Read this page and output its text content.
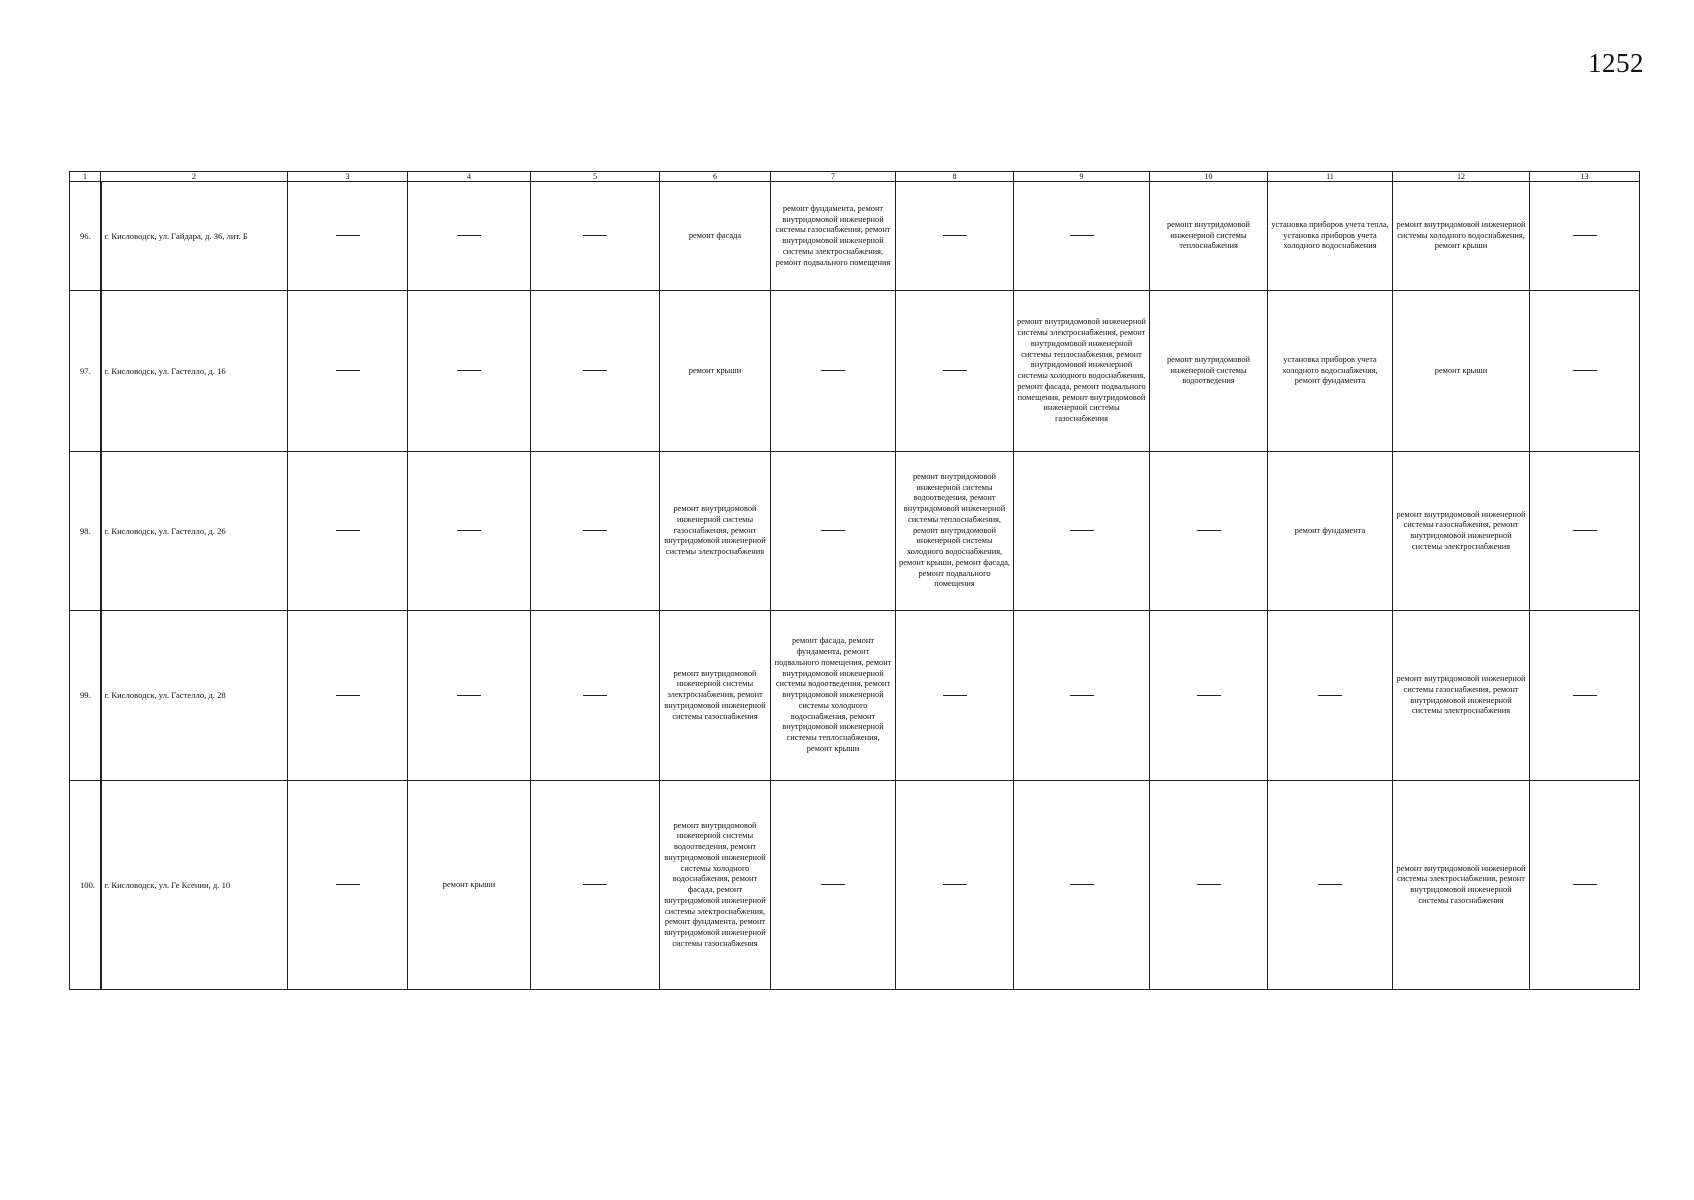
1252
1	2	3	4	5	6	7	8	9	10	11	12	13
96.	г. Кисловодск, ул. Гайдара, д. 36, лит. Б				ремонт фасада	ремонт фундамента, ремонт внутридомовой инженерной системы газоснабжения, ремонт внутридомовой инженерной системы электроснабжения, ремонт подвального помещения			ремонт внутридомовой инженерной системы теплоснабжения	установка приборов учета тепла, установка приборов учета холодного водоснабжения	ремонт внутридомовой инженерной системы холодного водоснабжения, ремонт крыши	
97.	г. Кисловодск, ул. Гастелло, д. 16				ремонт крыши			ремонт внутридомовой инженерной системы электроснабжения, ремонт внутридомовой инженерной системы теплоснабжения, ремонт внутридомовой инженерной системы холодного водоснабжения, ремонт фасада, ремонт подвального помещения, ремонт внутридомовой инженерной системы газоснабжения	ремонт внутридомовой инженерной системы водоотведения	установка приборов учета холодного водоснабжения, ремонт фундамента	ремонт крыши	
98.	г. Кисловодск, ул. Гастелло, д. 26				ремонт внутридомовой инженерной системы газоснабжения, ремонт внутридомовой инженерной системы электроснабжения		ремонт внутридомовой инженерной системы водоотведения, ремонт внутридомовой инженерной системы теплоснабжения, ремонт внутридомовой инженерной системы холодного водоснабжения, ремонт крыши, ремонт фасада, ремонт подвального помещения			ремонт фундамента	ремонт внутридомовой инженерной системы газоснабжения, ремонт внутридомовой инженерной системы электроснабжения	
99.	г. Кисловодск, ул. Гастелло, д. 28				ремонт внутридомовой инженерной системы электроснабжения, ремонт внутридомовой инженерной системы газоснабжения	ремонт фасада, ремонт фундамента, ремонт подвального помещения, ремонт внутридомовой инженерной системы водоотведения, ремонт внутридомовой инженерной системы холодного водоснабжения, ремонт внутридомовой инженерной системы теплоснабжения, ремонт крыши					ремонт внутридомовой инженерной системы газоснабжения, ремонт внутридомовой инженерной системы электроснабжения	
100.	г. Кисловодск, ул. Ге Ксении, д. 10		ремонт крыши		ремонт внутридомовой инженерной системы водоотведения, ремонт внутридомовой инженерной системы холодного водоснабжения, ремонт фасада, ремонт внутридомовой инженерной системы электроснабжения, ремонт фундамента, ремонт внутридомовой инженерной системы газоснабжения						ремонт внутридомовой инженерной системы электроснабжения, ремонт внутридомовой инженерной системы газоснабжения	
